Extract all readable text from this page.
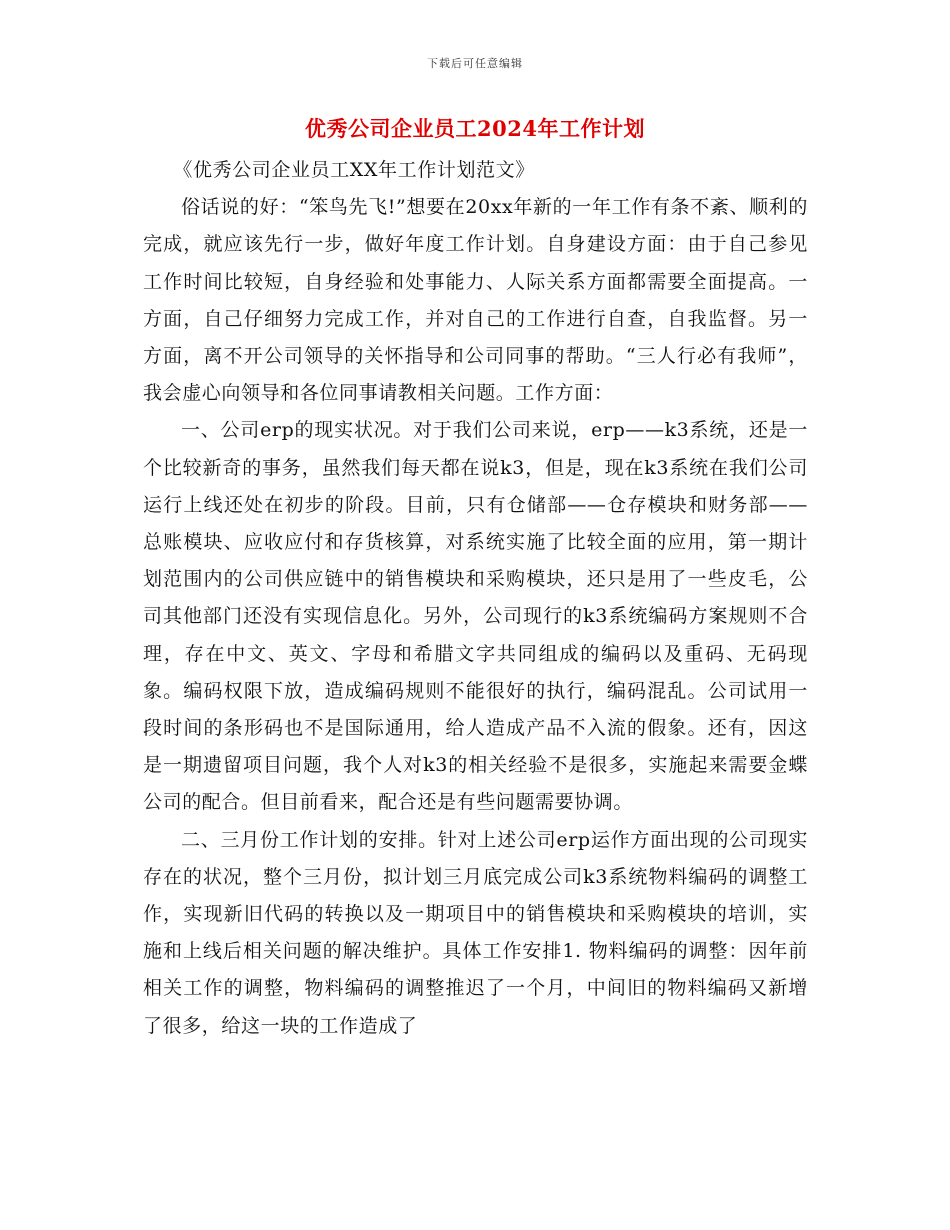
下载后可任意编辑
优秀公司企业员工2024年工作计划

《优秀公司企业员工XX年工作计划范文》

俗话说的好：“笨鸟先飞!”想要在20xx年新的一年工作有条不紊、顺利的完成，就应该先行一步，做好年度工作计划。自身建设方面：由于自己参见工作时间比较短，自身经验和处事能力、人际关系方面都需要全面提高。一方面，自己仔细努力完成工作，并对自己的工作进行自查，自我监督。另一方面，离不开公司领导的关怀指导和公司同事的帮助。“三人行必有我师”，我会虚心向领导和各位同事请教相关问题。工作方面：

一、公司erp的现实状况。对于我们公司来说，erp——k3系统，还是一个比较新奇的事务，虽然我们每天都在说k3，但是，现在k3系统在我们公司运行上线还处在初步的阶段。目前，只有仓储部——仓存模块和财务部——总账模块、应收应付和存货核算，对系统实施了比较全面的应用，第一期计划范围内的公司供应链中的销售模块和采购模块，还只是用了一些皮毛，公司其他部门还没有实现信息化。另外，公司现行的k3系统编码方案规则不合理，存在中文、英文、字母和希腊文字共同组成的编码以及重码、无码现象。编码权限下放，造成编码规则不能很好的执行，编码混乱。公司试用一段时间的条形码也不是国际通用，给人造成产品不入流的假象。还有，因这是一期遗留项目问题，我个人对k3的相关经验不是很多，实施起来需要金蝶公司的配合。但目前看来，配合还是有些问题需要协调。

二、三月份工作计划的安排。针对上述公司erp运作方面出现的公司现实存在的状况，整个三月份，拟计划三月底完成公司k3系统物料编码的调整工作，实现新旧代码的转换以及一期项目中的销售模块和采购模块的培训，实施和上线后相关问题的解决维护。具体工作安排1. 物料编码的调整：因年前相关工作的调整，物料编码的调整推迟了一个月，中间旧的物料编码又新增了很多，给这一块的工作造成了
